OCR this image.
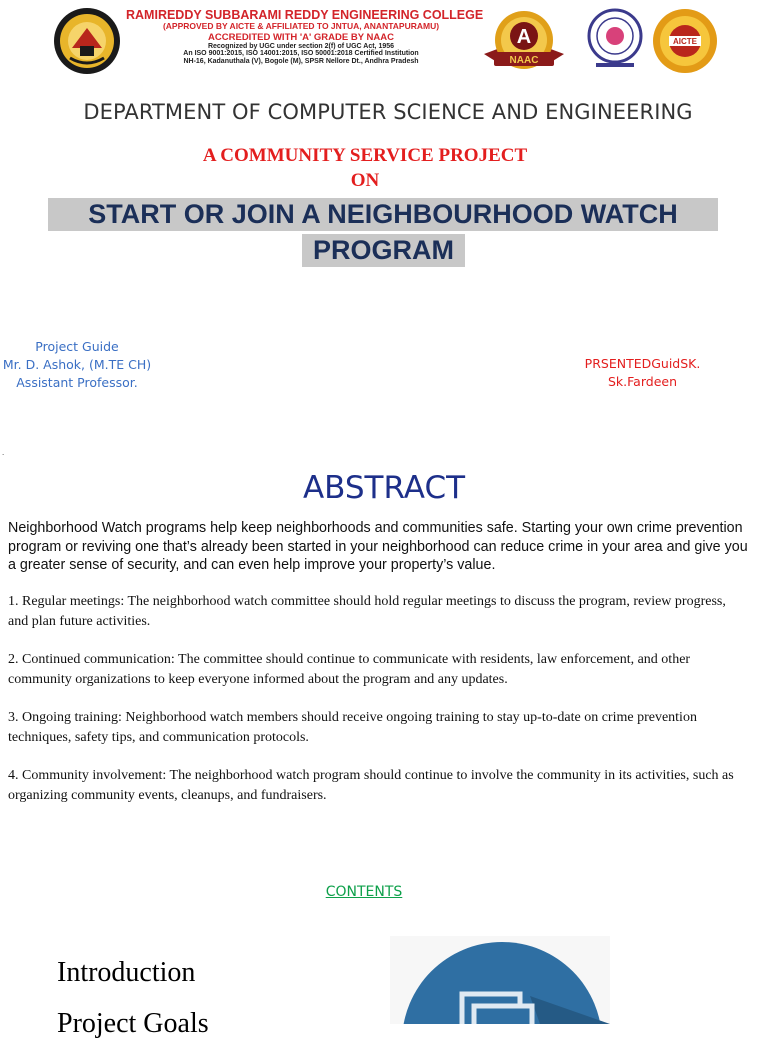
RAMIREDDY SUBBARAMI REDDY ENGINEERING COLLEGE
(APPROVED BY AICTE & AFFILIATED TO JNTUA, ANANTAPURAMU)
ACCREDITED WITH 'A' GRADE BY NAAC
Recognized by UGC under section 2(f) of UGC Act, 1956
An ISO 9001:2015, ISO 14001:2015, ISO 50001:2018 Certified Institution
NH-16, Kadanuthala (V), Bogole (M), SPSR Nellore Dt., Andhra Pradesh
A
NAAC
AICTE
DEPARTMENT OF COMPUTER SCIENCE AND ENGINEERING
A COMMUNITY SERVICE PROJECT
ON
START OR JOIN A NEIGHBOURHOOD WATCH
PROGRAM
Project Guide
Mr. D. Ashok, (M.TE CH)
Assistant Professor.
PRSENTEDGuidSK.
Sk.Fardeen
.
ABSTRACT
Neighborhood Watch programs help keep neighborhoods and communities safe. Starting your own crime prevention program or reviving one that’s already been started in your neighborhood can reduce crime in your area and give you a greater sense of security, and can even help improve your property’s value.
1. Regular meetings: The neighborhood watch committee should hold regular meetings to discuss the program, review progress, and plan future activities.
2. Continued communication: The committee should continue to communicate with residents, law enforcement, and other community organizations to keep everyone informed about the program and any updates.
3. Ongoing training: Neighborhood watch members should receive ongoing training to stay up-to-date on crime prevention techniques, safety tips, and communication protocols.
4. Community involvement: The neighborhood watch program should continue to involve the community in its activities, such as organizing community events, cleanups, and fundraisers.
CONTENTS
Introduction
Project Goals
